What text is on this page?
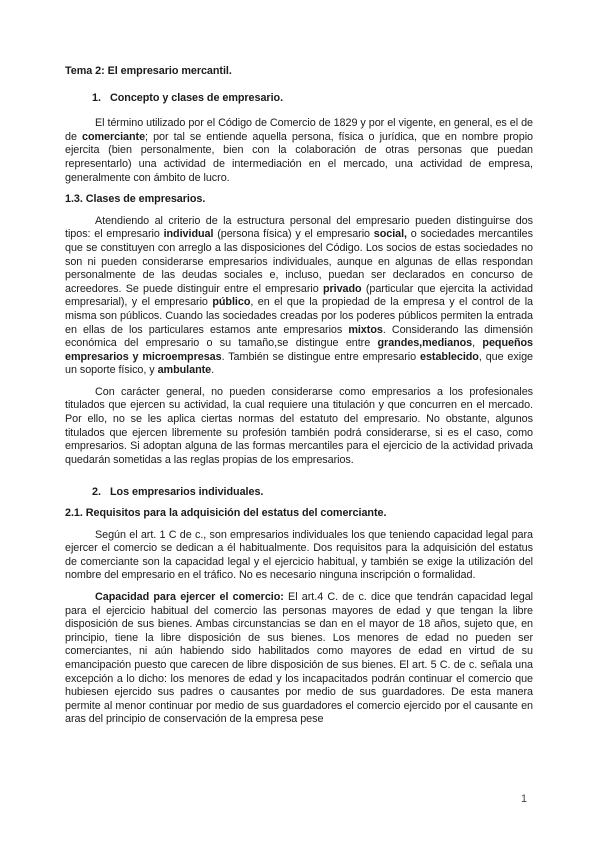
Tema 2: El empresario mercantil.
1. Concepto y clases de empresario.

El término utilizado por el Código de Comercio de 1829 y por el vigente, en general, es el de de comerciante; por tal se entiende aquella persona, física o jurídica, que en nombre propio ejercita (bien personalmente, bien con la colaboración de otras personas que puedan representarlo) una actividad de intermediación en el mercado, una actividad de empresa, generalmente con ámbito de lucro.

1.3. Clases de empresarios.

Atendiendo al criterio de la estructura personal del empresario pueden distinguirse dos tipos: el empresario individual (persona física) y el empresario social, o sociedades mercantiles que se constituyen con arreglo a las disposiciones del Código. Los socios de estas sociedades no son ni pueden considerarse empresarios individuales, aunque en algunas de ellas respondan personalmente de las deudas sociales e, incluso, puedan ser declarados en concurso de acreedores. Se puede distinguir entre el empresario privado (particular que ejercita la actividad empresarial), y el empresario público, en el que la propiedad de la empresa y el control de la misma son públicos. Cuando las sociedades creadas por los poderes públicos permiten la entrada en ellas de los particulares estamos ante empresarios mixtos. Considerando las dimensión económica del empresario o su tamaño,se distingue entre grandes,medianos, pequeños empresarios y microempresas. También se distingue entre empresario establecido, que exige un soporte físico, y ambulante.

Con carácter general, no pueden considerarse como empresarios a los profesionales titulados que ejercen su actividad, la cual requiere una titulación y que concurren en el mercado. Por ello, no se les aplica ciertas normas del estatuto del empresario. No obstante, algunos titulados que ejercen libremente su profesión también podrá considerarse, si es el caso, como empresarios. Si adoptan alguna de las formas mercantiles para el ejercicio de la actividad privada quedarán sometidas a las reglas propias de los empresarios.

2. Los empresarios individuales.
2.1. Requisitos para la adquisición del estatus del comerciante.

Según el art. 1 C de c., son empresarios individuales los que teniendo capacidad legal para ejercer el comercio se dedican a él habitualmente. Dos requisitos para la adquisición del estatus de comerciante son la capacidad legal y el ejercicio habitual, y también se exige la utilización del nombre del empresario en el tráfico. No es necesario ninguna inscripción o formalidad.

Capacidad para ejercer el comercio: El art.4 C. de c. dice que tendrán capacidad legal para el ejercicio habitual del comercio las personas mayores de edad y que tengan la libre disposición de sus bienes. Ambas circunstancias se dan en el mayor de 18 años, sujeto que, en principio, tiene la libre disposición de sus bienes. Los menores de edad no pueden ser comerciantes, ni aún habiendo sido habilitados como mayores de edad en virtud de su emancipación puesto que carecen de libre disposición de sus bienes. El art. 5 C. de c. señala una excepción a lo dicho: los menores de edad y los incapacitados podrán continuar el comercio que hubiesen ejercido sus padres o causantes por medio de sus guardadores. De esta manera permite al menor continuar por medio de sus guardadores el comercio ejercido por el causante en aras del principio de conservación de la empresa pese

1
